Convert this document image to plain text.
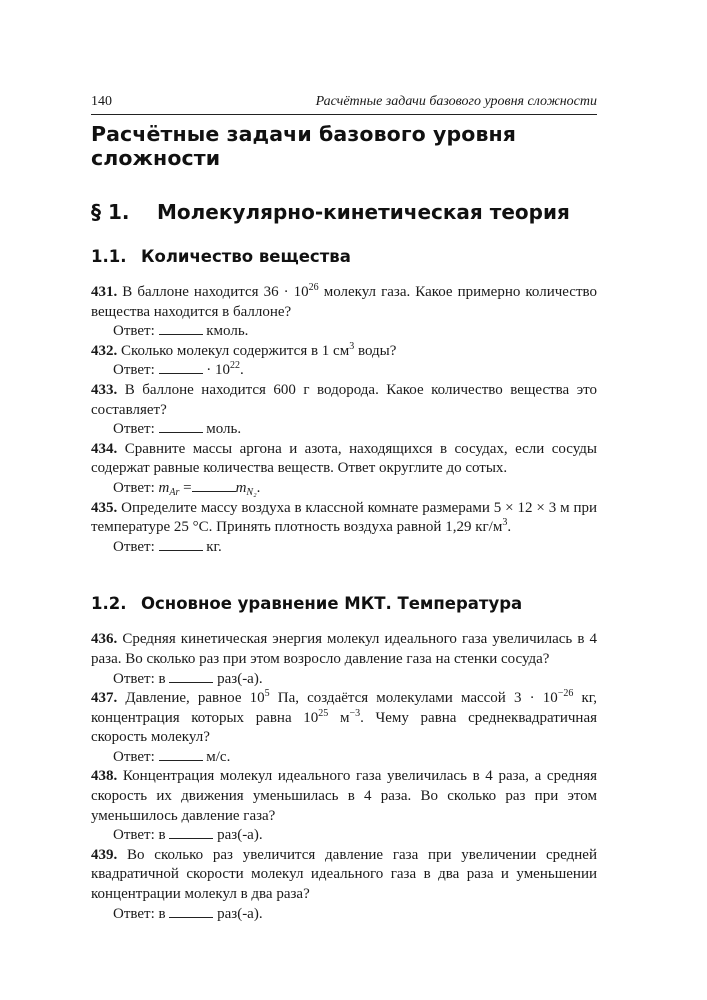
140	Расчётные задачи базового уровня сложности
Расчётные задачи базового уровня сложности
§ 1.	Молекулярно-кинетическая теория
1.1. Количество вещества
431. В баллоне находится $36 \cdot 10^{26}$ молекул газа. Какое примерно количество вещества находится в баллоне?
Ответ:	кмоль.
432. Сколько молекул содержится в 1 $см^3$ воды?
Ответ:	· $10^{22}$.
433. В баллоне находится 600 г водорода. Какое количество вещества это составляет?
Ответ:	моль.
434. Сравните массы аргона и азота, находящихся в сосудах, если сосуды содержат равные количества веществ. Ответ округлите до сотых.
Ответ: $m_{Ar}$ =	$m_{N_2}$.
435. Определите массу воздуха в классной комнате размерами 5 × 12 × 3 м при температуре 25 °С. Принять плотность воздуха равной 1,29 $кг/м^3$.
Ответ:	кг.
1.2. Основное уравнение МКТ. Температура
436. Средняя кинетическая энергия молекул идеального газа увеличилась в 4 раза. Во сколько раз при этом возросло давление газа на стенки сосуда?
Ответ: в	раз(-а).
437. Давление, равное $10^5$ Па, создаётся молекулами массой $3 \cdot 10^{-26}$ кг, концентрация которых равна $10^{25}$ $м^{-3}$. Чему равна среднеквадратичная скорость молекул?
Ответ:	м/с.
438. Концентрация молекул идеального газа увеличилась в 4 раза, а средняя скорость их движения уменьшилась в 4 раза. Во сколько раз при этом уменьшилось давление газа?
Ответ: в	раз(-а).
439. Во сколько раз увеличится давление газа при увеличении средней квадратичной скорости молекул идеального газа в два раза и уменьшении концентрации молекул в два раза?
Ответ: в	раз(-а).
